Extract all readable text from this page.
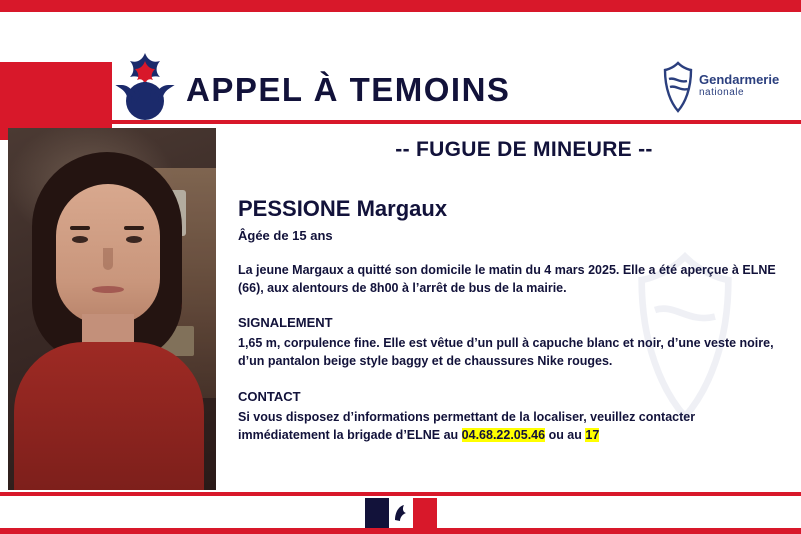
APPEL À TEMOINS	Gendarmerie
nationale
-- FUGUE DE MINEURE --
PESSIONE Margaux
Âgée de 15 ans
La jeune Margaux a quitté son domicile le matin du 4 mars 2025. Elle a été aperçue à ELNE (66), aux alentours de 8h00 à l’arrêt de bus de la mairie.
SIGNALEMENT
1,65 m, corpulence fine. Elle est vêtue d’un pull à capuche blanc et noir, d’une veste noire, d’un pantalon beige style baggy et de chaussures Nike rouges.
CONTACT
Si vous disposez d’informations permettant de la localiser, veuillez contacter
immédiatement la brigade d’ELNE au 04.68.22.05.46 ou au 17
